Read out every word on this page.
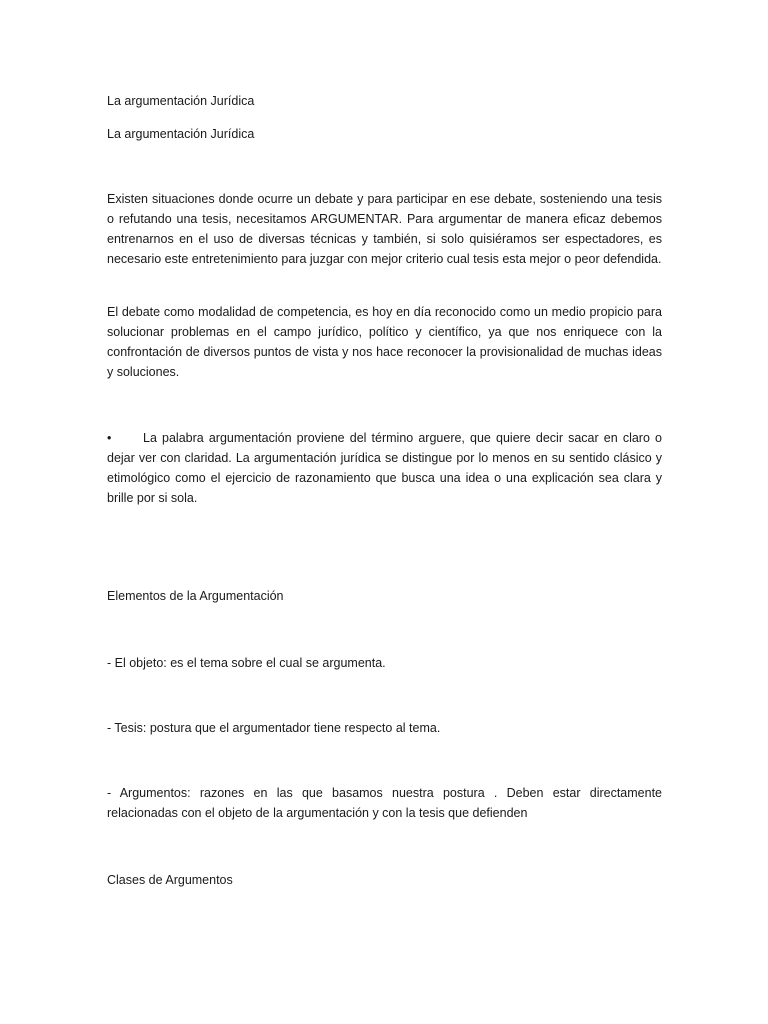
La argumentación Jurídica
La argumentación Jurídica
Existen situaciones donde ocurre un debate y para participar en ese debate, sosteniendo una tesis o refutando una tesis, necesitamos ARGUMENTAR. Para argumentar de manera eficaz debemos entrenarnos en el uso de diversas técnicas y también, si solo quisiéramos ser espectadores, es necesario este entretenimiento para juzgar con mejor criterio cual tesis esta mejor o peor defendida.
El debate como modalidad de competencia, es hoy en día reconocido como un medio propicio para solucionar problemas en el campo jurídico, político y científico, ya que nos enriquece con la confrontación de diversos puntos de vista y nos hace reconocer la provisionalidad de muchas ideas y soluciones.
•	La palabra argumentación proviene del término arguere, que quiere decir sacar en claro o dejar ver con claridad. La argumentación jurídica se distingue por lo menos en su sentido clásico y etimológico como el ejercicio de razonamiento que busca una idea o una explicación sea clara y brille por si sola.
Elementos de la Argumentación
- El objeto: es el tema sobre el cual se argumenta.
- Tesis: postura que el argumentador tiene respecto al tema.
- Argumentos: razones en las que basamos nuestra postura . Deben estar directamente relacionadas con el objeto de la argumentación y con la tesis que defienden
Clases de Argumentos
